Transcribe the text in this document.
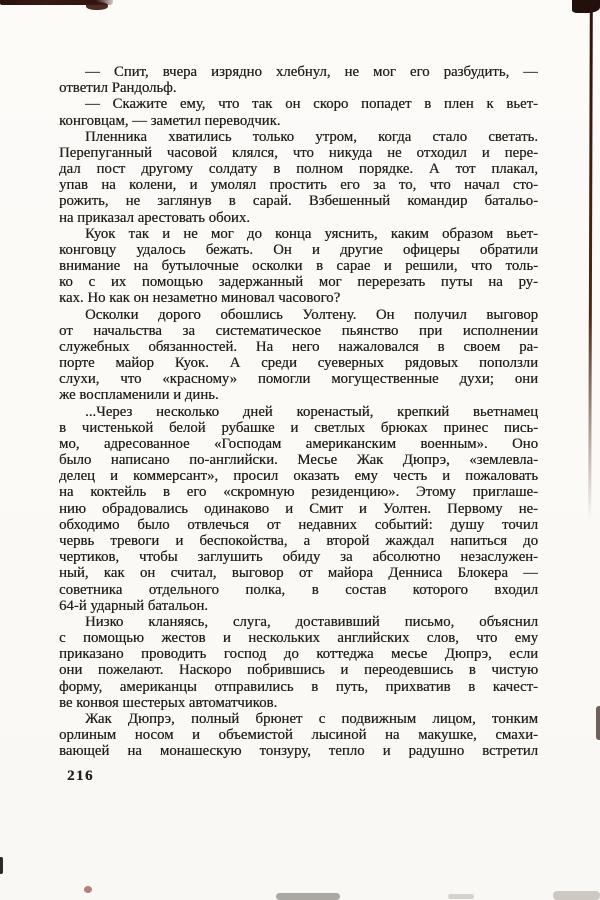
— Спит, вчера изрядно хлебнул, не мог его разбудить, —
ответил Рандольф.
— Скажите ему, что так он скоро попадет в плен к вьет-
конговцам, — заметил переводчик.
Пленника хватились только утром, когда стало светать.
Перепуганный часовой клялся, что никуда не отходил и пере-
дал пост другому солдату в полном порядке. А тот плакал,
упав на колени, и умолял простить его за то, что начал сто-
рожить, не заглянув в сарай. Взбешенный командир батальо-
на приказал арестовать обоих.
Куок так и не мог до конца уяснить, каким образом вьет-
конговцу удалось бежать. Он и другие офицеры обратили
внимание на бутылочные осколки в сарае и решили, что толь-
ко с их помощью задержанный мог перерезать путы на ру-
ках. Но как он незаметно миновал часового?
Осколки дорого обошлись Уолтену. Он получил выговор
от начальства за систематическое пьянство при исполнении
служебных обязанностей. На него нажаловался в своем ра-
порте майор Куок. А среди суеверных рядовых поползли
слухи, что «красному» помогли могущественные духи; они
же воспламенили и динь.
...Через несколько дней коренастый, крепкий вьетнамец
в чистенькой белой рубашке и светлых брюках принес пись-
мо, адресованное «Господам американским военным». Оно
было написано по-английски. Месье Жак Дюпрэ, «землевла-
делец и коммерсант», просил оказать ему честь и пожаловать
на коктейль в его «скромную резиденцию». Этому приглаше-
нию обрадовались одинаково и Смит и Уолтен. Первому не-
обходимо было отвлечься от недавних событий: душу точил
червь тревоги и беспокойства, а второй жаждал напиться до
чертиков, чтобы заглушить обиду за абсолютно незаслужен-
ный, как он считал, выговор от майора Денниса Блокера —
советника отдельного полка, в состав которого входил
64-й ударный батальон.
Низко кланяясь, слуга, доставивший письмо, объяснил
с помощью жестов и нескольких английских слов, что ему
приказано проводить господ до коттеджа месье Дюпрэ, если
они пожелают. Наскоро побрившись и переодевшись в чистую
форму, американцы отправились в путь, прихватив в качест-
ве конвоя шестерых автоматчиков.
Жак Дюпрэ, полный брюнет с подвижным лицом, тонким
орлиным носом и объемистой лысиной на макушке, смахи-
вающей на монашескую тонзуру, тепло и радушно встретил
216
